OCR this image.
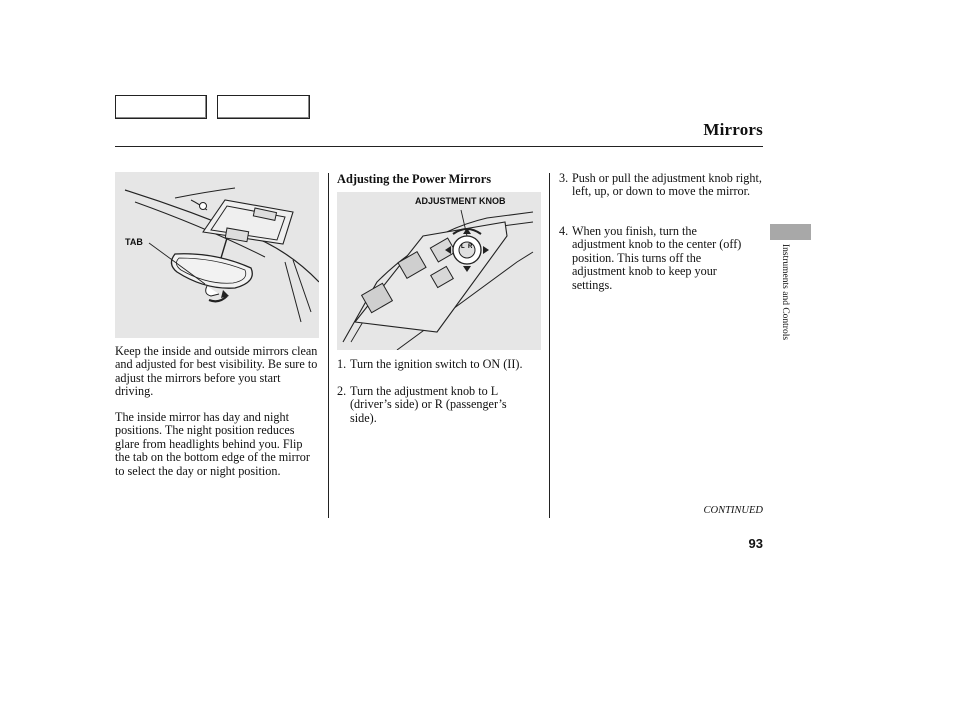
Mirrors
TAB
Adjusting the Power Mirrors
L R
ADJUSTMENT KNOB

Keep the inside and outside mirrors clean and adjusted for best visibility. Be sure to adjust the mirrors before you start driving.

The inside mirror has day and night positions. The night position reduces glare from headlights behind you. Flip the tab on the bottom edge of the mirror to select the day or night position.

1. Turn the ignition switch to ON (II).
2. Turn the adjustment knob to L (driver’s side) or R (passenger’s side).
3. Push or pull the adjustment knob right, left, up, or down to move the mirror.
4. When you finish, turn the adjustment knob to the center (off) position. This turns off the adjustment knob to keep your settings.
CONTINUED
93
Instruments and Controls
